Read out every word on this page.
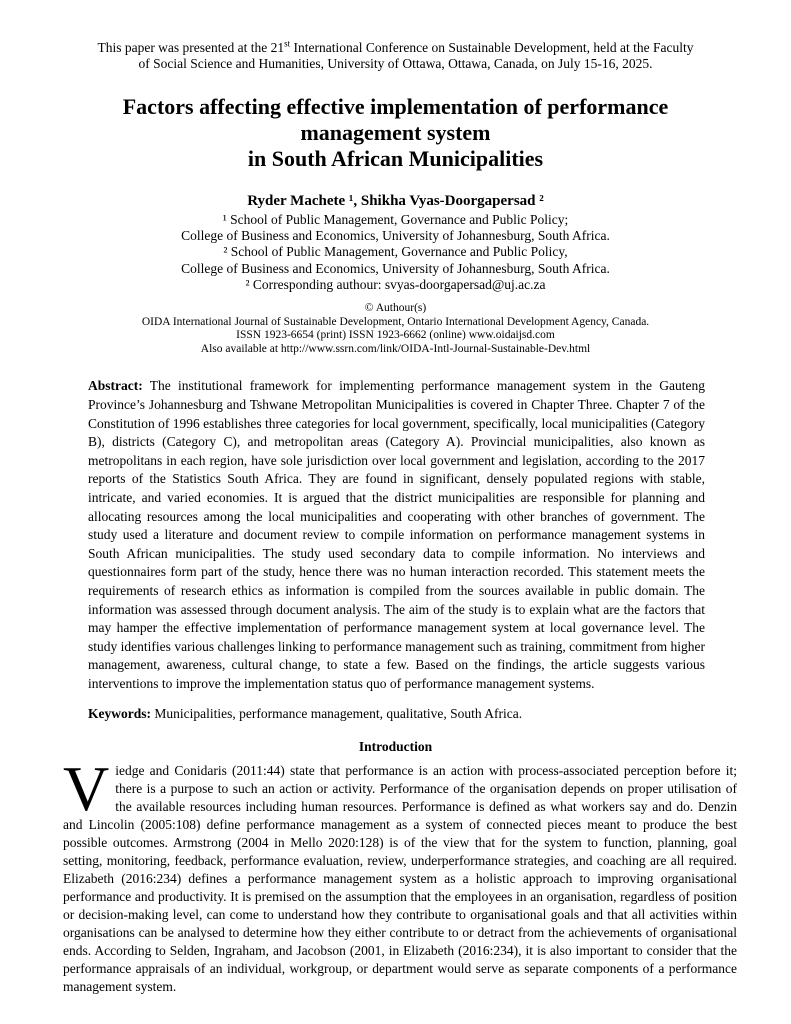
This paper was presented at the 21st International Conference on Sustainable Development, held at the Faculty of Social Science and Humanities, University of Ottawa, Ottawa, Canada, on July 15-16, 2025.

Factors affecting effective implementation of performance
management system
in South African Municipalities

Ryder Machete ¹, Shikha Vyas-Doorgapersad ²

¹ School of Public Management, Governance and Public Policy;
College of Business and Economics, University of Johannesburg, South Africa.
² School of Public Management, Governance and Public Policy,
College of Business and Economics, University of Johannesburg, South Africa.
² Corresponding authour: svyas-doorgapersad@uj.ac.za
© Authour(s)
OIDA International Journal of Sustainable Development, Ontario International Development Agency, Canada.
ISSN 1923-6654 (print) ISSN 1923-6662 (online) www.oidaijsd.com
Also available at http://www.ssrn.com/link/OIDA-Intl-Journal-Sustainable-Dev.html

Abstract: The institutional framework for implementing performance management system in the Gauteng Province’s Johannesburg and Tshwane Metropolitan Municipalities is covered in Chapter Three. Chapter 7 of the Constitution of 1996 establishes three categories for local government, specifically, local municipalities (Category B), districts (Category C), and metropolitan areas (Category A). Provincial municipalities, also known as metropolitans in each region, have sole jurisdiction over local government and legislation, according to the 2017 reports of the Statistics South Africa. They are found in significant, densely populated regions with stable, intricate, and varied economies. It is argued that the district municipalities are responsible for planning and allocating resources among the local municipalities and cooperating with other branches of government. The study used a literature and document review to compile information on performance management systems in South African municipalities. The study used secondary data to compile information. No interviews and questionnaires form part of the study, hence there was no human interaction recorded. This statement meets the requirements of research ethics as information is compiled from the sources available in public domain. The information was assessed through document analysis. The aim of the study is to explain what are the factors that may hamper the effective implementation of performance management system at local governance level. The study identifies various challenges linking to performance management such as training, commitment from higher management, awareness, cultural change, to state a few. Based on the findings, the article suggests various interventions to improve the implementation status quo of performance management systems.

Keywords: Municipalities, performance management, qualitative, South Africa.

Introduction

Viedge and Conidaris (2011:44) state that performance is an action with process-associated perception before it; there is a purpose to such an action or activity. Performance of the organisation depends on proper utilisation of the available resources including human resources. Performance is defined as what workers say and do. Denzin and Lincolin (2005:108) define performance management as a system of connected pieces meant to produce the best possible outcomes. Armstrong (2004 in Mello 2020:128) is of the view that for the system to function, planning, goal setting, monitoring, feedback, performance evaluation, review, underperformance strategies, and coaching are all required. Elizabeth (2016:234) defines a performance management system as a holistic approach to improving organisational performance and productivity. It is premised on the assumption that the employees in an organisation, regardless of position or decision-making level, can come to understand how they contribute to organisational goals and that all activities within organisations can be analysed to determine how they either contribute to or detract from the achievements of organisational ends. According to Selden, Ingraham, and Jacobson (2001, in Elizabeth (2016:234), it is also important to consider that the performance appraisals of an individual, workgroup, or department would serve as separate components of a performance management system.
